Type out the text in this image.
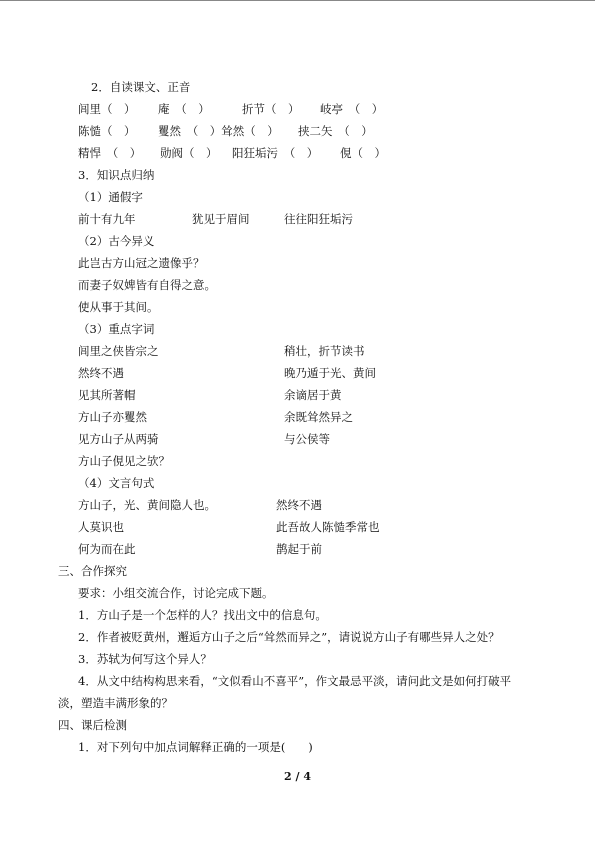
2．自读课文、正音
闾里（　） 庵　（　）	折节（　） 岐亭　（　）
陈慥（　） 矍然　（　）耸然（　） 挟二矢　（　）
精悍　（　） 勋阀（　） 阳狂垢污　（　） 俔（　）
3．知识点归纳
（1）通假字
前十有九年	犹见于眉间	往往阳狂垢污
（2）古今异义
此岂古方山冠之遗像乎？
而妻子奴婢皆有自得之意。
使从事于其间。
（3）重点字词
闾里之侠皆宗之	稍壮，折节读书
然终不遇	晚乃遁于光、黄间
见其所著帽	余谪居于黄
方山子亦矍然	余既耸然异之
见方山子从两骑	与公侯等
方山子俔见之欤？
（4）文言句式
方山子，光、黄间隐人也。	然终不遇
人莫识也	此吾故人陈慥季常也
何为而在此	鹊起于前
三、合作探究
要求：小组交流合作，讨论完成下题。
1．方山子是一个怎样的人？找出文中的信息句。
2．作者被贬黄州，邂逅方山子之后“耸然而异之”，请说说方山子有哪些异人之处？
3．苏轼为何写这个异人？
4．从文中结构构思来看，“文似看山不喜平”，作文最忌平淡，请问此文是如何打破平
淡，塑造丰满形象的？
四、课后检测
1．对下列句中加点词解释正确的一项是(　　)
2 / 4
